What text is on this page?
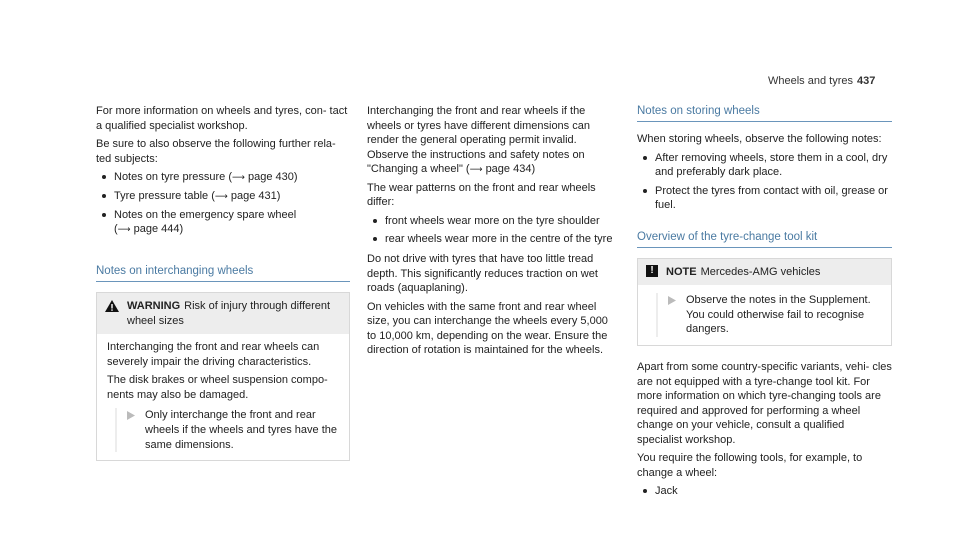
Wheels and tyres 437

For more information on wheels and tyres, con- tact a qualified specialist workshop.

Be sure to also observe the following further rela- ted subjects:

Notes on tyre pressure (⟶ page 430)
Tyre pressure table (⟶ page 431)
Notes on the emergency spare wheel (⟶ page 444)
Notes on interchanging wheels
WARNING Risk of injury through different wheel sizes

Interchanging the front and rear wheels can severely impair the driving characteristics.

The disk brakes or wheel suspension compo- nents may also be damaged.

Only interchange the front and rear wheels if the wheels and tyres have the same dimensions.

Interchanging the front and rear wheels if the wheels or tyres have different dimensions can render the general operating permit invalid. Observe the instructions and safety notes on "Changing a wheel" (⟶ page 434)

The wear patterns on the front and rear wheels differ:

front wheels wear more on the tyre shoulder
rear wheels wear more in the centre of the tyre

Do not drive with tyres that have too little tread depth. This significantly reduces traction on wet roads (aquaplaning).

On vehicles with the same front and rear wheel size, you can interchange the wheels every 5,000 to 10,000 km, depending on the wear. Ensure the direction of rotation is maintained for the wheels.

Notes on storing wheels

When storing wheels, observe the following notes:

After removing wheels, store them in a cool, dry and preferably dark place.
Protect the tyres from contact with oil, grease or fuel.
Overview of the tyre-change tool kit
!	NOTE Mercedes-AMG vehicles
Observe the notes in the Supplement. You could otherwise fail to recognise dangers.

Apart from some country-specific variants, vehi- cles are not equipped with a tyre-change tool kit. For more information on which tyre-changing tools are required and approved for performing a wheel change on your vehicle, consult a qualified specialist workshop.

You require the following tools, for example, to change a wheel:

Jack
